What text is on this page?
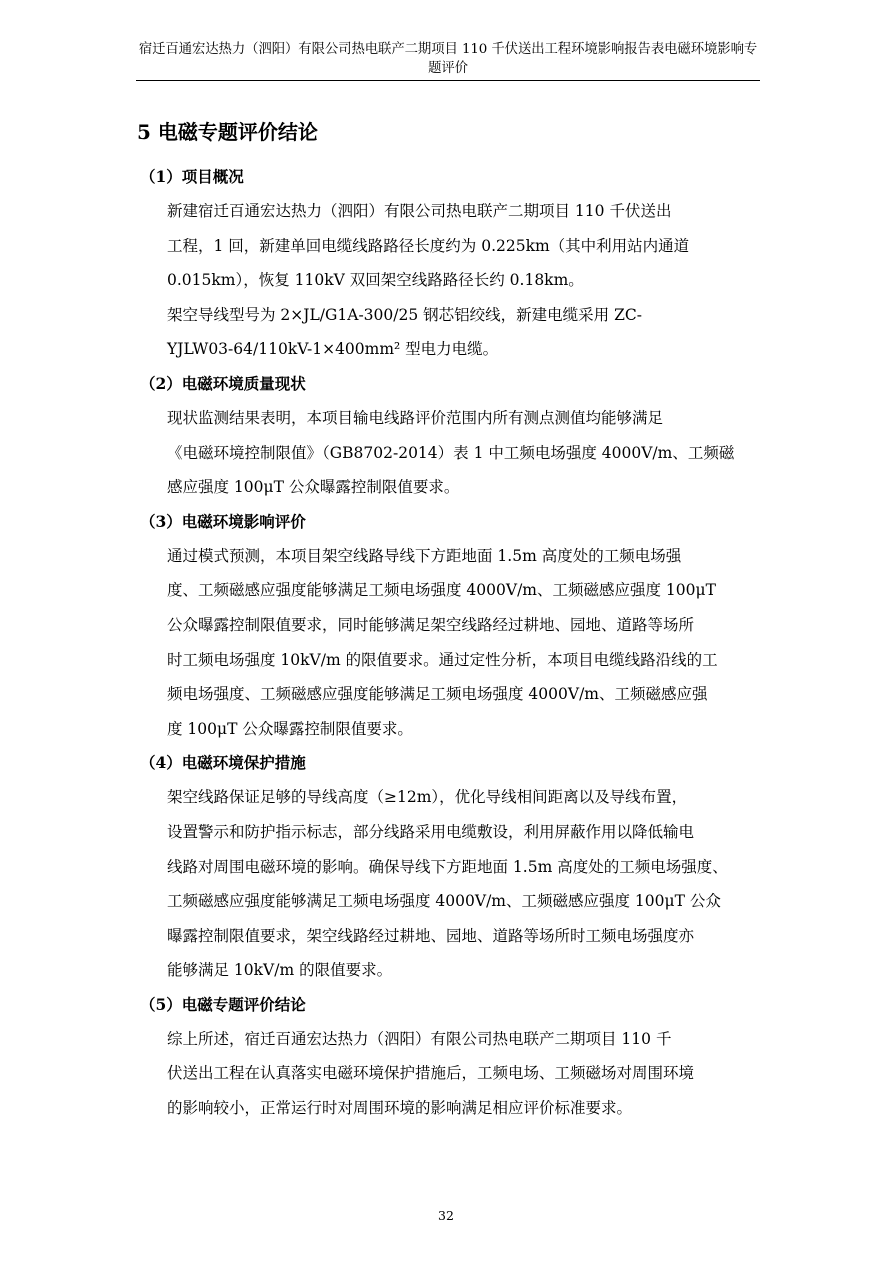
宿迁百通宏达热力（泗阳）有限公司热电联产二期项目 110 千伏送出工程环境影响报告表电磁环境影响专
题评价
5 电磁专题评价结论
（1）项目概况

新建宿迁百通宏达热力（泗阳）有限公司热电联产二期项目 110 千伏送出
工程，1 回，新建单回电缆线路路径长度约为 0.225km（其中利用站内通道
0.015km），恢复 110kV 双回架空线路路径长约 0.18km。

架空导线型号为 2×JL/G1A-300/25 钢芯铝绞线，新建电缆采用 ZC-
YJLW03-64/110kV-1×400mm² 型电力电缆。

（2）电磁环境质量现状

现状监测结果表明，本项目输电线路评价范围内所有测点测值均能够满足
《电磁环境控制限值》（GB8702-2014）表 1 中工频电场强度 4000V/m、工频磁
感应强度 100μT 公众曝露控制限值要求。

（3）电磁环境影响评价

通过模式预测，本项目架空线路导线下方距地面 1.5m 高度处的工频电场强
度、工频磁感应强度能够满足工频电场强度 4000V/m、工频磁感应强度 100μT
公众曝露控制限值要求，同时能够满足架空线路经过耕地、园地、道路等场所
时工频电场强度 10kV/m 的限值要求。通过定性分析，本项目电缆线路沿线的工
频电场强度、工频磁感应强度能够满足工频电场强度 4000V/m、工频磁感应强
度 100μT 公众曝露控制限值要求。

（4）电磁环境保护措施

架空线路保证足够的导线高度（≥12m），优化导线相间距离以及导线布置，
设置警示和防护指示标志，部分线路采用电缆敷设，利用屏蔽作用以降低输电
线路对周围电磁环境的影响。确保导线下方距地面 1.5m 高度处的工频电场强度、
工频磁感应强度能够满足工频电场强度 4000V/m、工频磁感应强度 100μT 公众
曝露控制限值要求，架空线路经过耕地、园地、道路等场所时工频电场强度亦
能够满足 10kV/m 的限值要求。

（5）电磁专题评价结论

综上所述，宿迁百通宏达热力（泗阳）有限公司热电联产二期项目 110 千
伏送出工程在认真落实电磁环境保护措施后，工频电场、工频磁场对周围环境
的影响较小，正常运行时对周围环境的影响满足相应评价标准要求。

32
